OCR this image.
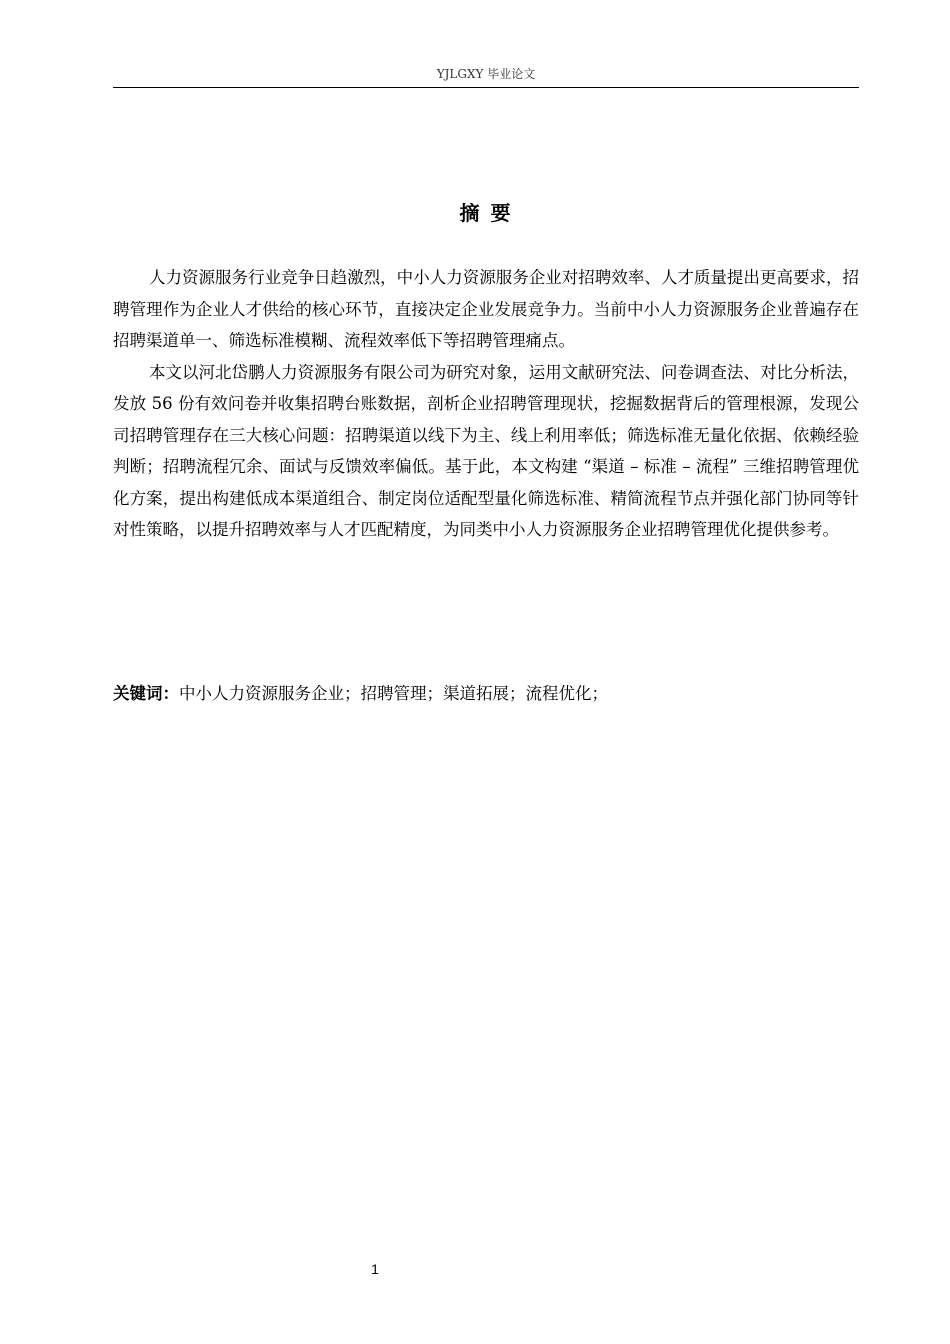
YJLGXY 毕业论文
摘 要

人力资源服务行业竞争日趋激烈，中小人力资源服务企业对招聘效率、人才质量提出更高要求，招聘管理作为企业人才供给的核心环节，直接决定企业发展竞争力。当前中小人力资源服务企业普遍存在招聘渠道单一、筛选标准模糊、流程效率低下等招聘管理痛点。

本文以河北岱鹏人力资源服务有限公司为研究对象，运用文献研究法、问卷调查法、对比分析法，发放 56 份有效问卷并收集招聘台账数据，剖析企业招聘管理现状，挖掘数据背后的管理根源，发现公司招聘管理存在三大核心问题：招聘渠道以线下为主、线上利用率低；筛选标准无量化依据、依赖经验判断；招聘流程冗余、面试与反馈效率偏低。基于此，本文构建 “渠道 – 标准 – 流程” 三维招聘管理优化方案，提出构建低成本渠道组合、制定岗位适配型量化筛选标准、精简流程节点并强化部门协同等针对性策略，以提升招聘效率与人才匹配精度，为同类中小人力资源服务企业招聘管理优化提供参考。

关键词：中小人力资源服务企业；招聘管理；渠道拓展；流程优化；
1
